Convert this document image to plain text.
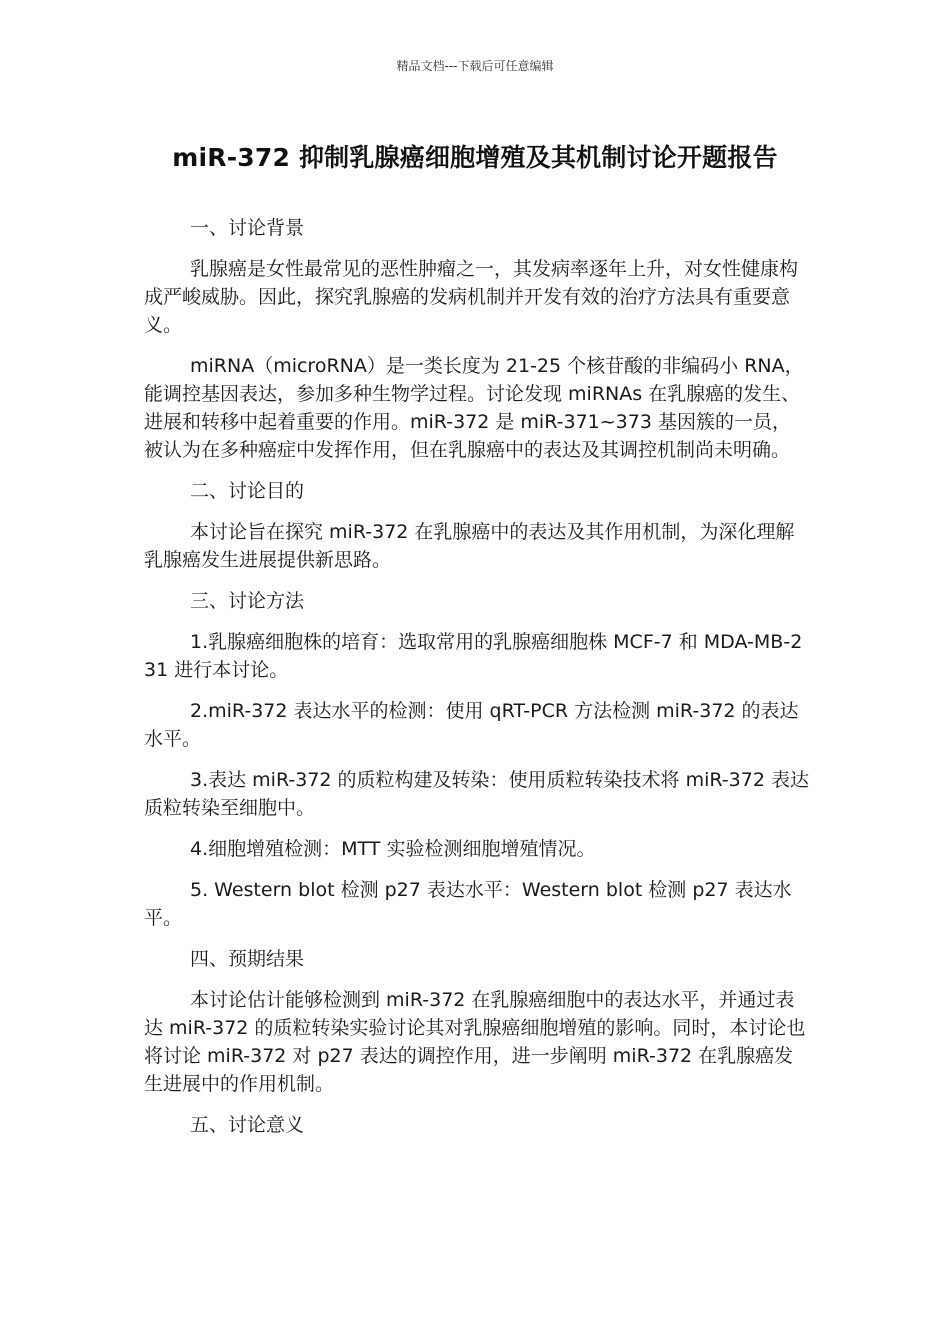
精品文档---下载后可任意编辑
miR-372 抑制乳腺癌细胞增殖及其机制讨论开题报告
一、讨论背景
乳腺癌是女性最常见的恶性肿瘤之一，其发病率逐年上升，对女性健康构成严峻威胁。因此，探究乳腺癌的发病机制并开发有效的治疗方法具有重要意义。
miRNA（microRNA）是一类长度为 21-25 个核苷酸的非编码小 RNA，能调控基因表达，参加多种生物学过程。讨论发现 miRNAs 在乳腺癌的发生、进展和转移中起着重要的作用。miR-372 是 miR-371~373 基因簇的一员，被认为在多种癌症中发挥作用，但在乳腺癌中的表达及其调控机制尚未明确。
二、讨论目的
本讨论旨在探究 miR-372 在乳腺癌中的表达及其作用机制，为深化理解乳腺癌发生进展提供新思路。
三、讨论方法
1.乳腺癌细胞株的培育：选取常用的乳腺癌细胞株 MCF-7 和 MDA-MB-231 进行本讨论。
2.miR-372 表达水平的检测：使用 qRT-PCR 方法检测 miR-372 的表达水平。
3.表达 miR-372 的质粒构建及转染：使用质粒转染技术将 miR-372 表达质粒转染至细胞中。
4.细胞增殖检测：MTT 实验检测细胞增殖情况。
5. Western blot 检测 p27 表达水平：Western blot 检测 p27 表达水平。
四、预期结果
本讨论估计能够检测到 miR-372 在乳腺癌细胞中的表达水平，并通过表达 miR-372 的质粒转染实验讨论其对乳腺癌细胞增殖的影响。同时，本讨论也将讨论 miR-372 对 p27 表达的调控作用，进一步阐明 miR-372 在乳腺癌发生进展中的作用机制。
五、讨论意义
